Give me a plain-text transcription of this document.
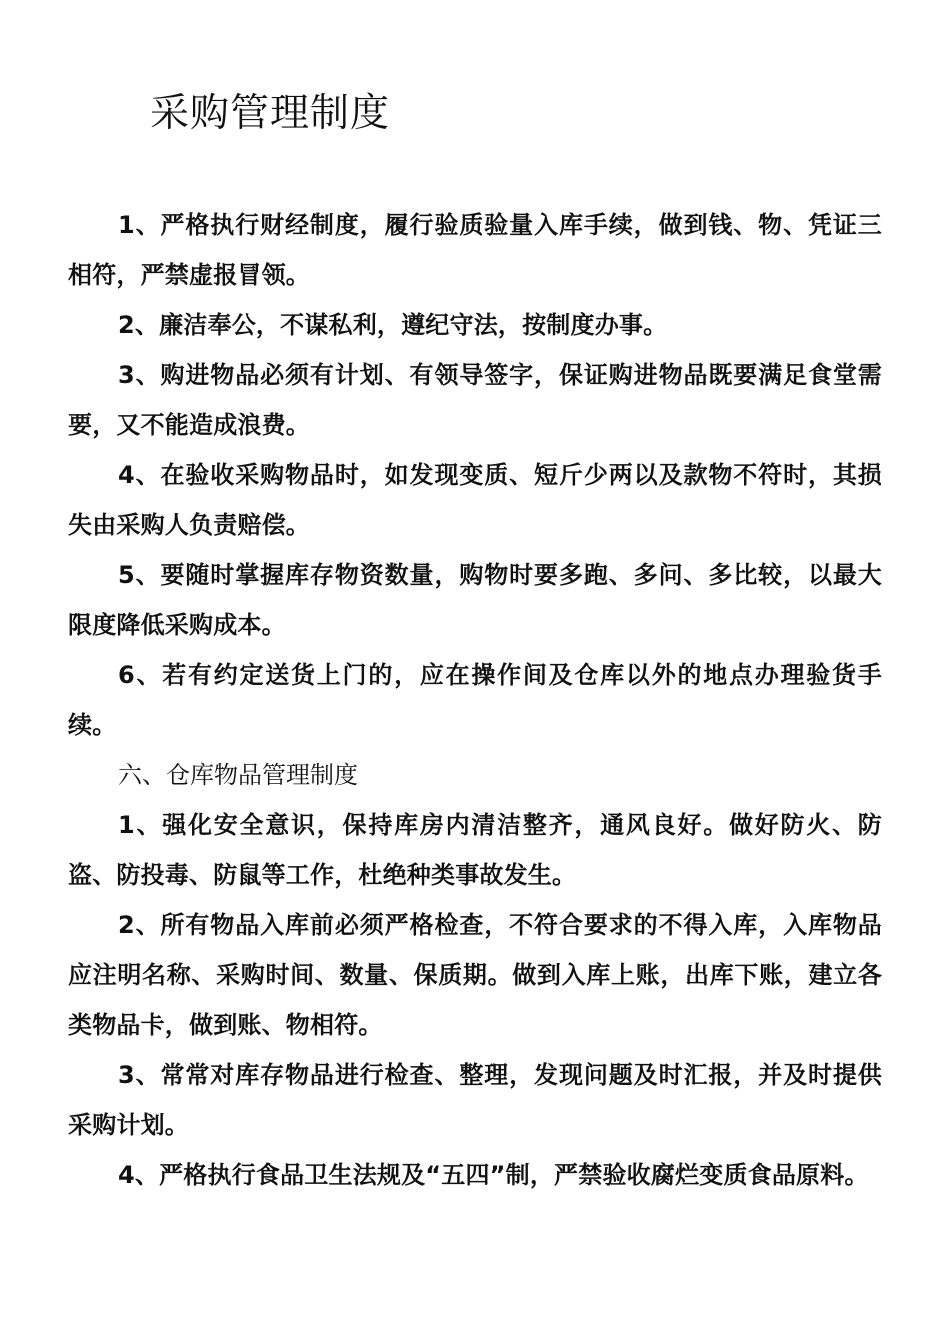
采购管理制度

1、严格执行财经制度，履行验质验量入库手续，做到钱、物、凭证三相符，严禁虚报冒领。

2、廉洁奉公，不谋私利，遵纪守法，按制度办事。

3、购进物品必须有计划、有领导签字，保证购进物品既要满足食堂需要，又不能造成浪费。

4、在验收采购物品时，如发现变质、短斤少两以及款物不符时，其损失由采购人负责赔偿。

5、要随时掌握库存物资数量，购物时要多跑、多问、多比较，以最大限度降低采购成本。

6、若有约定送货上门的，应在操作间及仓库以外的地点办理验货手续。

六、仓库物品管理制度

1、强化安全意识，保持库房内清洁整齐，通风良好。做好防火、防盗、防投毒、防鼠等工作，杜绝种类事故发生。

2、所有物品入库前必须严格检查，不符合要求的不得入库，入库物品应注明名称、采购时间、数量、保质期。做到入库上账，出库下账，建立各类物品卡，做到账、物相符。

3、常常对库存物品进行检查、整理，发现问题及时汇报，并及时提供采购计划。

4、严格执行食品卫生法规及“五四”制，严禁验收腐烂变质食品原料。
